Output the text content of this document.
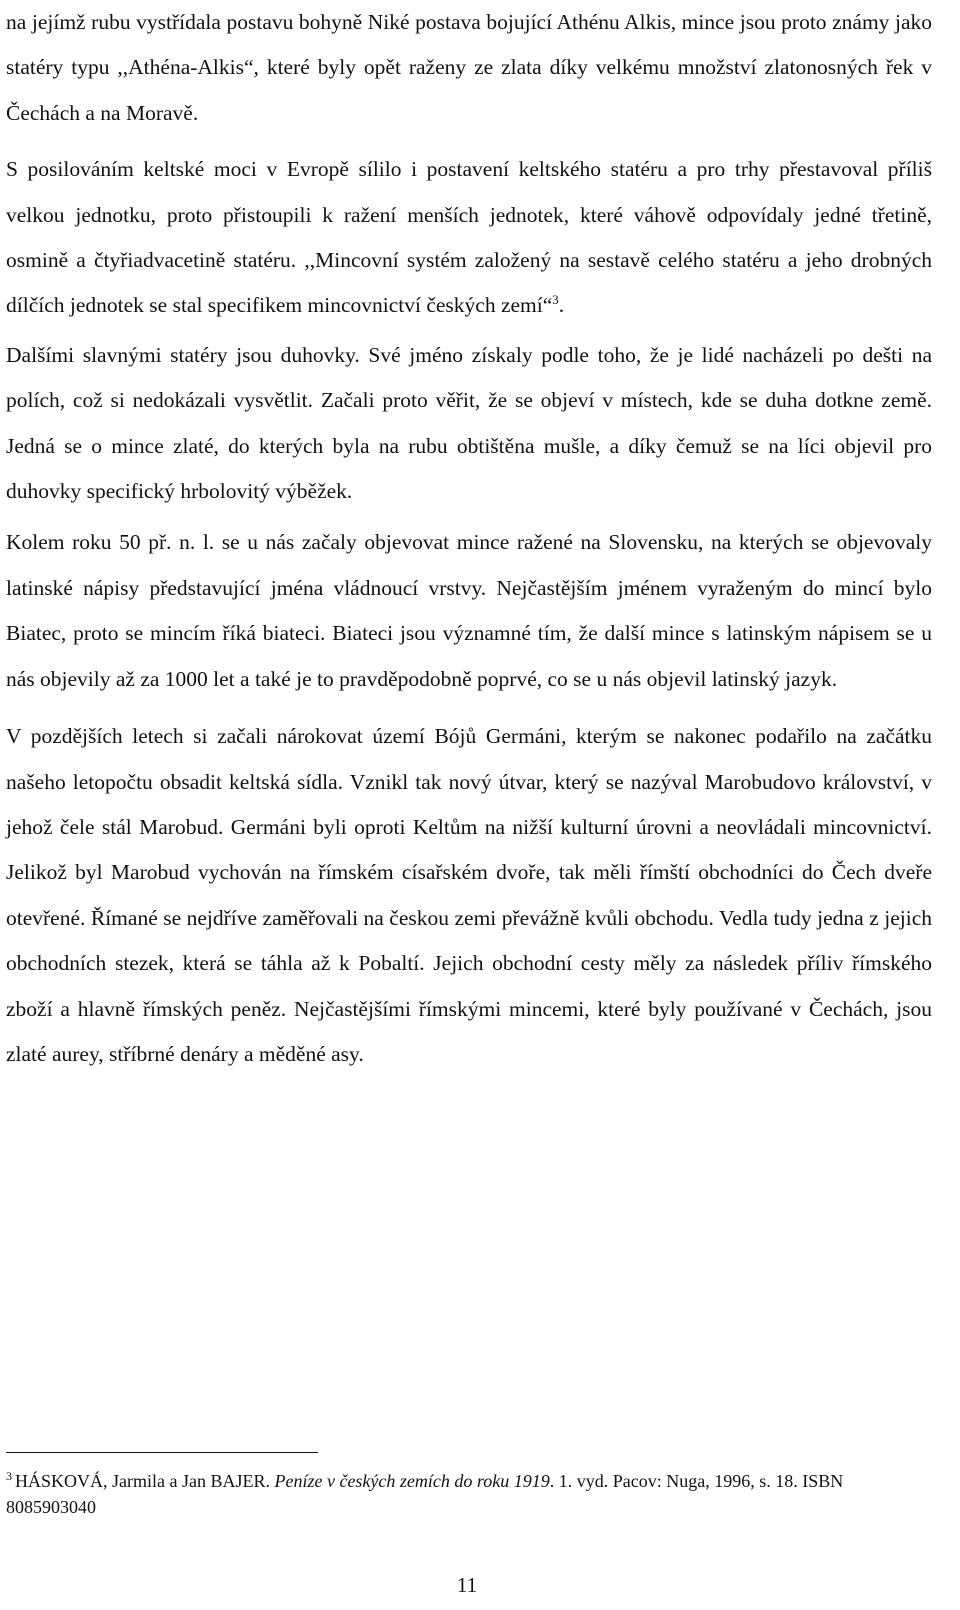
na jejímž rubu vystřídala postavu bohyně Niké postava bojující Athénu Alkis, mince jsou proto známy jako statéry typu ,,Athéna-Alkis“, které byly opět raženy ze zlata díky velkému množství zlatonosných řek v Čechách a na Moravě.

S posilováním keltské moci v Evropě sílilo i postavení keltského statéru a pro trhy přestavoval příliš velkou jednotku, proto přistoupili k ražení menších jednotek, které váhově odpovídaly jedné třetině, osmině a čtyřiadvacetině statéru. ,,Mincovní systém založený na sestavě celého statéru a jeho drobných dílčích jednotek se stal specifikem mincovnictví českých zemí“$^3$.

Dalšími slavnými statéry jsou duhovky. Své jméno získaly podle toho, že je lidé nacházeli po dešti na polích, což si nedokázali vysvětlit. Začali proto věřit, že se objeví v místech, kde se duha dotkne země. Jedná se o mince zlaté, do kterých byla na rubu obtištěna mušle, a díky čemuž se na líci objevil pro duhovky specifický hrbolovitý výběžek.

Kolem roku 50 př. n. l. se u nás začaly objevovat mince ražené na Slovensku, na kterých se objevovaly latinské nápisy představující jména vládnoucí vrstvy. Nejčastějším jménem vyraženým do mincí bylo Biatec, proto se mincím říká biateci. Biateci jsou významné tím, že další mince s latinským nápisem se u nás objevily až za 1000 let a také je to pravděpodobně poprvé, co se u nás objevil latinský jazyk.

V pozdějších letech si začali nárokovat území Bójů Germáni, kterým se nakonec podařilo na začátku našeho letopočtu obsadit keltská sídla. Vznikl tak nový útvar, který se nazýval Marobudovo království, v jehož čele stál Marobud. Germáni byli oproti Keltům na nižší kulturní úrovni a neovládali mincovnictví. Jelikož byl Marobud vychován na římském císařském dvoře, tak měli římští obchodníci do Čech dveře otevřené. Římané se nejdříve zaměřovali na českou zemi převážně kvůli obchodu. Vedla tudy jedna z jejich obchodních stezek, která se táhla až k Pobaltí. Jejich obchodní cesty měly za následek příliv římského zboží a hlavně římských peněz. Nejčastějšími římskými mincemi, které byly používané v Čechách, jsou zlaté aurey, stříbrné denáry a měděné asy.

$^3$ HÁSKOVÁ, Jarmila a Jan BAJER. Peníze v českých zemích do roku 1919. 1. vyd. Pacov: Nuga, 1996, s. 18. ISBN 8085903040
11
